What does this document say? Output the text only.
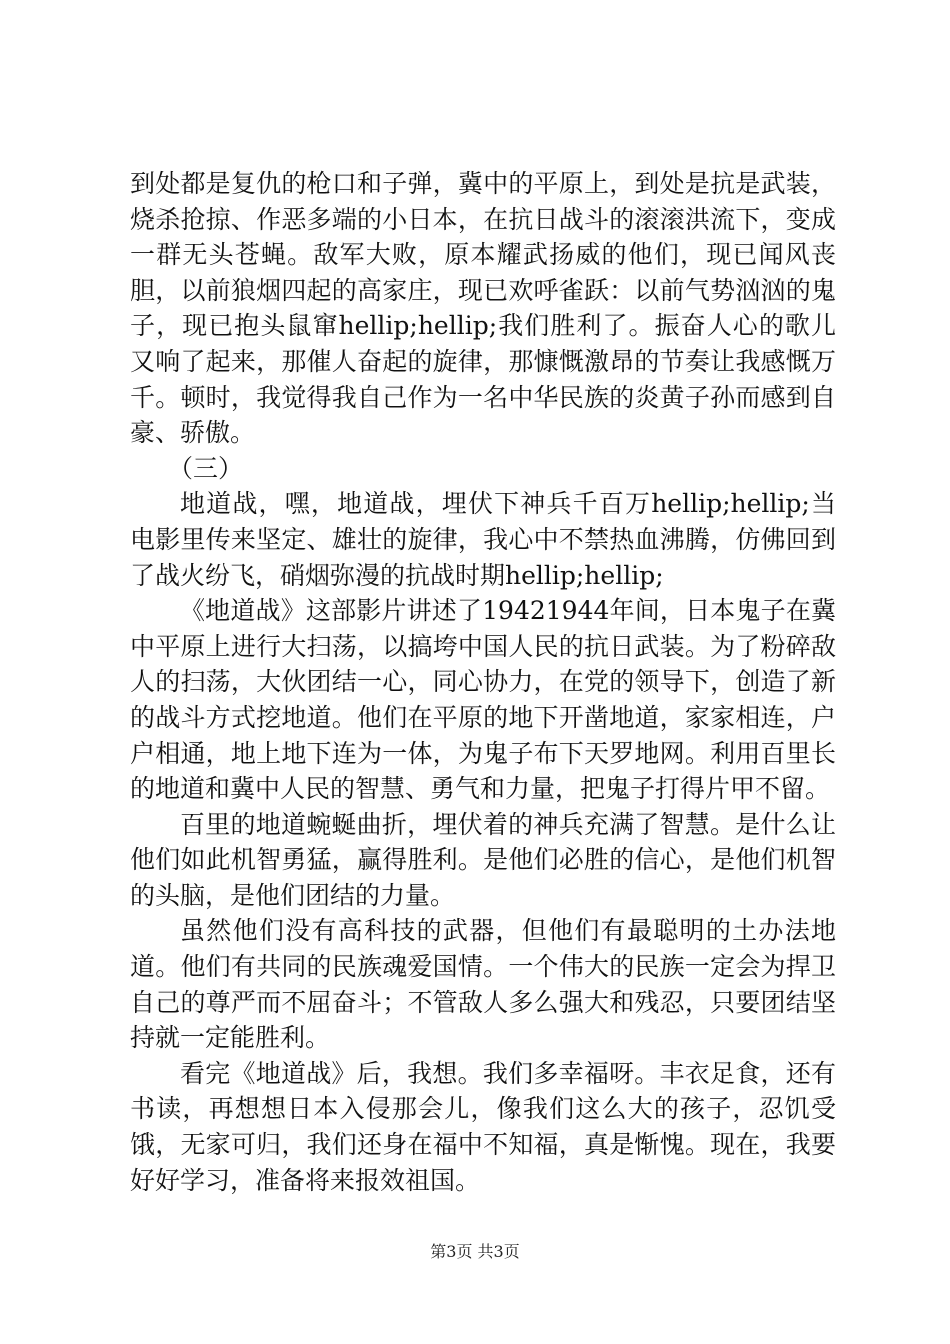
到处都是复仇的枪口和子弹，冀中的平原上，到处是抗是武装，烧杀抢掠、作恶多端的小日本，在抗日战斗的滚滚洪流下，变成一群无头苍蝇。敌军大败，原本耀武扬威的他们，现已闻风丧胆，以前狼烟四起的高家庄，现已欢呼雀跃：以前气势汹汹的鬼子，现已抱头鼠窜hellip;hellip;我们胜利了。振奋人心的歌儿又响了起来，那催人奋起的旋律，那慷慨激昂的节奏让我感慨万千。顿时，我觉得我自己作为一名中华民族的炎黄子孙而感到自豪、骄傲。

（三）

地道战，嘿，地道战，埋伏下神兵千百万hellip;hellip;当电影里传来坚定、雄壮的旋律，我心中不禁热血沸腾，仿佛回到了战火纷飞，硝烟弥漫的抗战时期hellip;hellip;

《地道战》这部影片讲述了19421944年间，日本鬼子在冀中平原上进行大扫荡，以搞垮中国人民的抗日武装。为了粉碎敌人的扫荡，大伙团结一心，同心协力，在党的领导下，创造了新的战斗方式挖地道。他们在平原的地下开凿地道，家家相连，户户相通，地上地下连为一体，为鬼子布下天罗地网。利用百里长的地道和冀中人民的智慧、勇气和力量，把鬼子打得片甲不留。

百里的地道蜿蜒曲折，埋伏着的神兵充满了智慧。是什么让他们如此机智勇猛，赢得胜利。是他们必胜的信心，是他们机智的头脑，是他们团结的力量。

虽然他们没有高科技的武器，但他们有最聪明的土办法地道。他们有共同的民族魂爱国情。一个伟大的民族一定会为捍卫自己的尊严而不屈奋斗；不管敌人多么强大和残忍，只要团结坚持就一定能胜利。

看完《地道战》后，我想。我们多幸福呀。丰衣足食，还有书读，再想想日本入侵那会儿，像我们这么大的孩子，忍饥受饿，无家可归，我们还身在福中不知福，真是惭愧。现在，我要好好学习，准备将来报效祖国。

第3页 共3页
